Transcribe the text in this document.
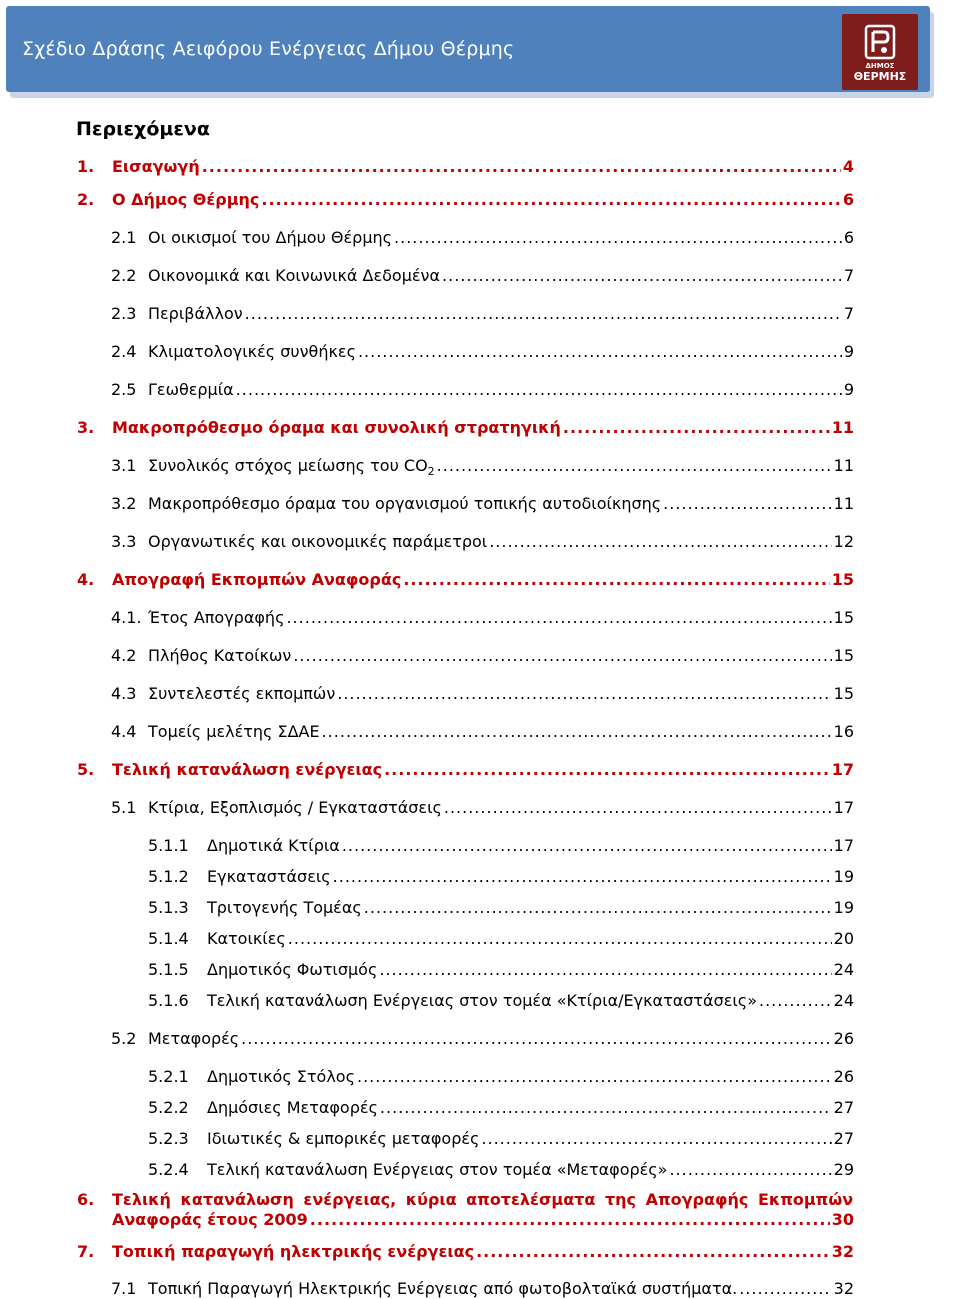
Σχέδιο Δράσης Αειφόρου Ενέργειας Δήμου Θέρμης
ΔΗΜΟΣ
ΘΕΡΜΗΣ
Περιεχόμενα
1. Εισαγωγή .....	4
2. Ο Δήμος Θέρμης .....	6
2.1 Οι οικισμοί του Δήμου Θέρμης .....	6
2.2 Οικονομικά και Κοινωνικά Δεδομένα .....	7
2.3 Περιβάλλον .....	7
2.4 Κλιματολογικές συνθήκες .....	9
2.5 Γεωθερμία .....	9
3. Μακροπρόθεσμο όραμα και συνολική στρατηγική .....	11
3.1 Συνολικός στόχος μείωσης του $CO_2$ .....	11
3.2 Μακροπρόθεσμο όραμα του οργανισμού τοπικής αυτοδιοίκησης .....	11
3.3 Οργανωτικές και οικονομικές παράμετροι .....	12
4. Απογραφή Εκπομπών Αναφοράς .....	15
4.1. Έτος Απογραφής .....	15
4.2 Πλήθος Κατοίκων .....	15
4.3 Συντελεστές εκπομπών .....	15
4.4 Τομείς μελέτης ΣΔΑΕ .....	16
5. Τελική κατανάλωση ενέργειας .....	17
5.1 Κτίρια, Εξοπλισμός / Εγκαταστάσεις .....	17
5.1.1 Δημοτικά Κτίρια .....	17
5.1.2 Εγκαταστάσεις .....	19
5.1.3 Τριτογενής Τομέας .....	19
5.1.4 Κατοικίες .....	20
5.1.5 Δημοτικός Φωτισμός .....	24
5.1.6 Τελική κατανάλωση Ενέργειας στον τομέα «Κτίρια/Εγκαταστάσεις» .....	24
5.2 Μεταφορές .....	26
5.2.1 Δημοτικός Στόλος .....	26
5.2.2 Δημόσιες Μεταφορές .....	27
5.2.3 Ιδιωτικές & εμπορικές μεταφορές .....	27
5.2.4 Τελική κατανάλωση Ενέργειας στον τομέα «Μεταφορές» .....	29
6. Τελική κατανάλωση ενέργειας, κύρια αποτελέσματα της Απογραφής Εκπομπών
Αναφοράς έτους 2009 .....	30
7. Τοπική παραγωγή ηλεκτρικής ενέργειας .....	32
7.1 Τοπική Παραγωγή Ηλεκτρικής Ενέργειας από φωτοβολταϊκά συστήματα. .....	32
